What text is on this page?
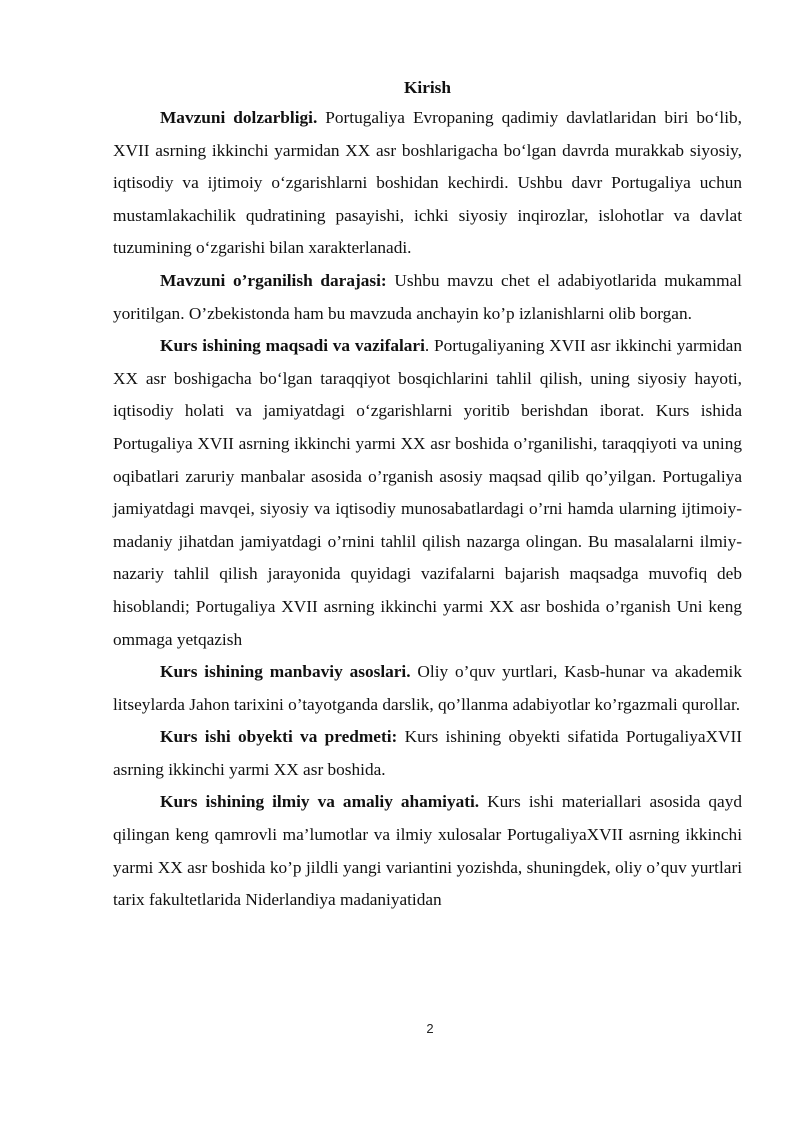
Kirish

Mavzuni dolzarbligi. Portugaliya Evropaning qadimiy davlatlaridan biri bo‘lib, XVII asrning ikkinchi yarmidan XX asr boshlarigacha bo‘lgan davrda murakkab siyosiy, iqtisodiy va ijtimoiy o‘zgarishlarni boshidan kechirdi. Ushbu davr Portugaliya uchun mustamlakachilik qudratining pasayishi, ichki siyosiy inqirozlar, islohotlar va davlat tuzumining o‘zgarishi bilan xarakterlanadi.

Mavzuni o’rganilish darajasi: Ushbu mavzu chet el adabiyotlarida mukammal yoritilgan. O’zbekistonda ham bu mavzuda anchayin ko’p izlanishlarni olib borgan.

Kurs ishining maqsadi va vazifalari. Portugaliyaning XVII asr ikkinchi yarmidan XX asr boshigacha bo‘lgan taraqqiyot bosqichlarini tahlil qilish, uning siyosiy hayoti, iqtisodiy holati va jamiyatdagi o‘zgarishlarni yoritib berishdan iborat. Kurs ishida Portugaliya XVII asrning ikkinchi yarmi XX asr boshida o’rganilishi, taraqqiyoti va uning oqibatlari zaruriy manbalar asosida o’rganish asosiy maqsad qilib qo’yilgan. Portugaliya jamiyatdagi mavqei, siyosiy va iqtisodiy munosabatlardagi o’rni hamda ularning ijtimoiy-madaniy jihatdan jamiyatdagi o’rnini tahlil qilish nazarga olingan. Bu masalalarni ilmiy-nazariy tahlil qilish jarayonida quyidagi vazifalarni bajarish maqsadga muvofiq deb hisoblandi; Portugaliya XVII asrning ikkinchi yarmi XX asr boshida o’rganish Uni keng ommaga yetqazish

Kurs ishining manbaviy asoslari. Oliy o’quv yurtlari, Kasb-hunar va akademik litseylarda Jahon tarixini o’tayotganda darslik, qo’llanma adabiyotlar ko’rgazmali qurollar.

Kurs ishi obyekti va predmeti: Kurs ishining obyekti sifatida PortugaliyaXVII asrning ikkinchi yarmi XX asr boshida.

Kurs ishining ilmiy va amaliy ahamiyati. Kurs ishi materiallari asosida qayd qilingan keng qamrovli ma’lumotlar va ilmiy xulosalar PortugaliyaXVII asrning ikkinchi yarmi XX asr boshida ko’p jildli yangi variantini yozishda, shuningdek, oliy o’quv yurtlari tarix fakultetlarida Niderlandiya madaniyatidan

2
